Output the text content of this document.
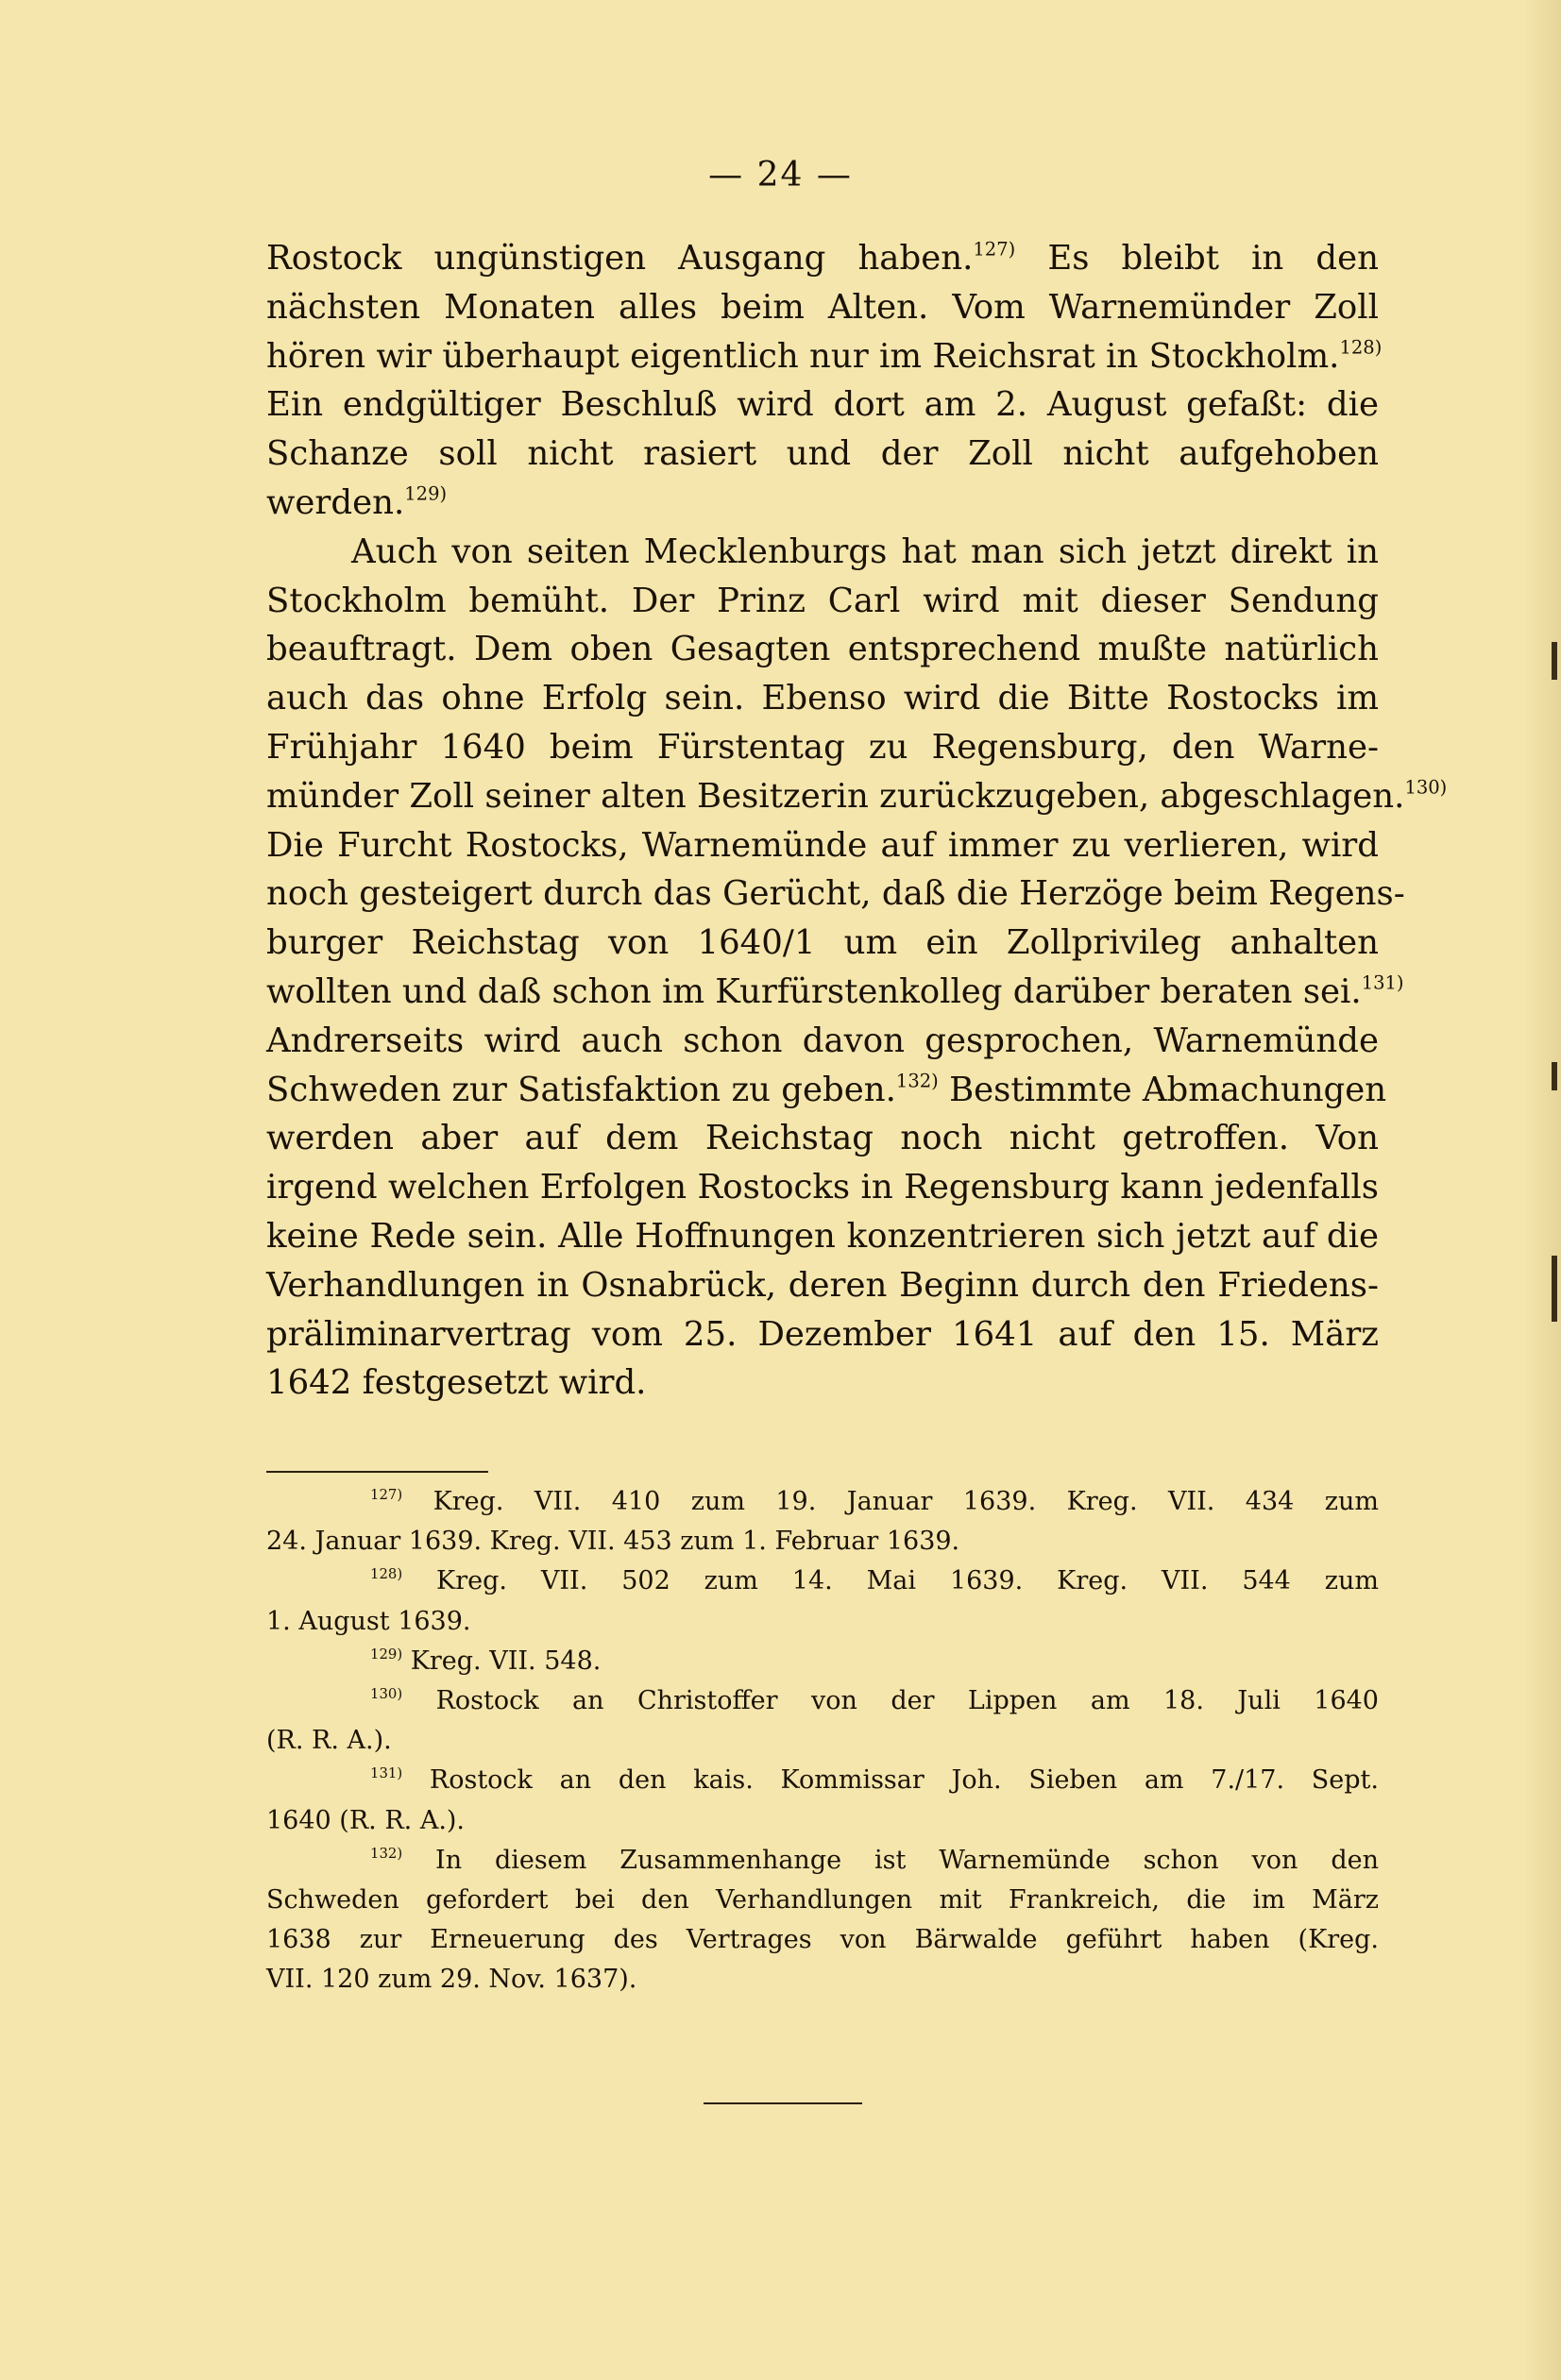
— 24 —
Rostock ungünstigen Ausgang haben.$^{127)}$ Es bleibt in den
nächsten Monaten alles beim Alten. Vom Warnemünder Zoll
hören wir überhaupt eigentlich nur im Reichsrat in Stockholm.$^{128)}$
Ein endgültiger Beschluß wird dort am 2. August gefaßt: die
Schanze soll nicht rasiert und der Zoll nicht aufgehoben
werden.$^{129)}$
Auch von seiten Mecklenburgs hat man sich jetzt direkt in
Stockholm bemüht. Der Prinz Carl wird mit dieser Sendung
beauftragt. Dem oben Gesagten entsprechend mußte natürlich
auch das ohne Erfolg sein. Ebenso wird die Bitte Rostocks im
Frühjahr 1640 beim Fürstentag zu Regensburg, den Warne-
münder Zoll seiner alten Besitzerin zurückzugeben, abgeschlagen.$^{130)}$
Die Furcht Rostocks, Warnemünde auf immer zu verlieren, wird
noch gesteigert durch das Gerücht, daß die Herzöge beim Regens-
burger Reichstag von 1640/1 um ein Zollprivileg anhalten
wollten und daß schon im Kurfürstenkolleg darüber beraten sei.$^{131)}$
Andrerseits wird auch schon davon gesprochen, Warnemünde
Schweden zur Satisfaktion zu geben.$^{132)}$ Bestimmte Abmachungen
werden aber auf dem Reichstag noch nicht getroffen. Von
irgend welchen Erfolgen Rostocks in Regensburg kann jedenfalls
keine Rede sein. Alle Hoffnungen konzentrieren sich jetzt auf die
Verhandlungen in Osnabrück, deren Beginn durch den Friedens-
präliminarvertrag vom 25. Dezember 1641 auf den 15. März
1642 festgesetzt wird.
$^{127)}$ Kreg. VII. 410 zum 19. Januar 1639. Kreg. VII. 434 zum
24. Januar 1639. Kreg. VII. 453 zum 1. Februar 1639.
$^{128)}$ Kreg. VII. 502 zum 14. Mai 1639. Kreg. VII. 544 zum
1. August 1639.
$^{129)}$ Kreg. VII. 548.
$^{130)}$ Rostock an Christoffer von der Lippen am 18. Juli 1640
(R. R. A.).
$^{131)}$ Rostock an den kais. Kommissar Joh. Sieben am 7./17. Sept.
1640 (R. R. A.).
$^{132)}$ In diesem Zusammenhange ist Warnemünde schon von den
Schweden gefordert bei den Verhandlungen mit Frankreich, die im März
1638 zur Erneuerung des Vertrages von Bärwalde geführt haben (Kreg.
VII. 120 zum 29. Nov. 1637).
